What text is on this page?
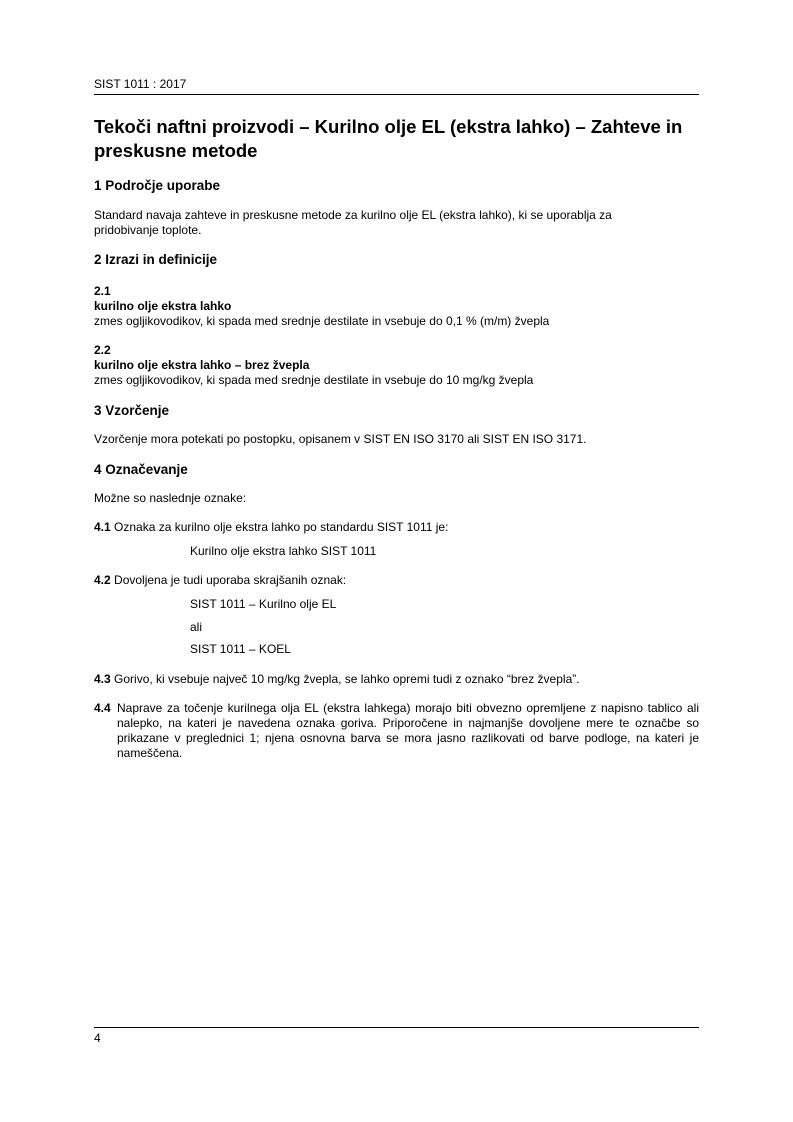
SIST 1011 : 2017
Tekoči naftni proizvodi – Kurilno olje EL (ekstra lahko) – Zahteve in preskusne metode
1 Področje uporabe
Standard navaja zahteve in preskusne metode za kurilno olje EL (ekstra lahko), ki se uporablja za
pridobivanje toplote.
2 Izrazi in definicije
2.1
kurilno olje ekstra lahko
zmes ogljikovodikov, ki spada med srednje destilate in vsebuje do 0,1 % (m/m) žvepla
2.2
kurilno olje ekstra lahko – brez žvepla
zmes ogljikovodikov, ki spada med srednje destilate in vsebuje do 10 mg/kg žvepla
3 Vzorčenje
Vzorčenje mora potekati po postopku, opisanem v SIST EN ISO 3170 ali SIST EN ISO 3171.
4 Označevanje
Možne so naslednje oznake:
4.1 Oznaka za kurilno olje ekstra lahko po standardu SIST 1011 je:
Kurilno olje ekstra lahko SIST 1011
4.2 Dovoljena je tudi uporaba skrajšanih oznak:
SIST 1011 – Kurilno olje EL
ali
SIST 1011 – KOEL
4.3 Gorivo, ki vsebuje največ 10 mg/kg žvepla, se lahko opremi tudi z oznako “brez žvepla”.
4.4 Naprave za točenje kurilnega olja EL (ekstra lahkega) morajo biti obvezno opremljene z napisno tablico ali nalepko, na kateri je navedena oznaka goriva. Priporočene in najmanjše dovoljene mere te označbe so prikazane v preglednici 1; njena osnovna barva se mora jasno razlikovati od barve podloge, na kateri je nameščena.
4
